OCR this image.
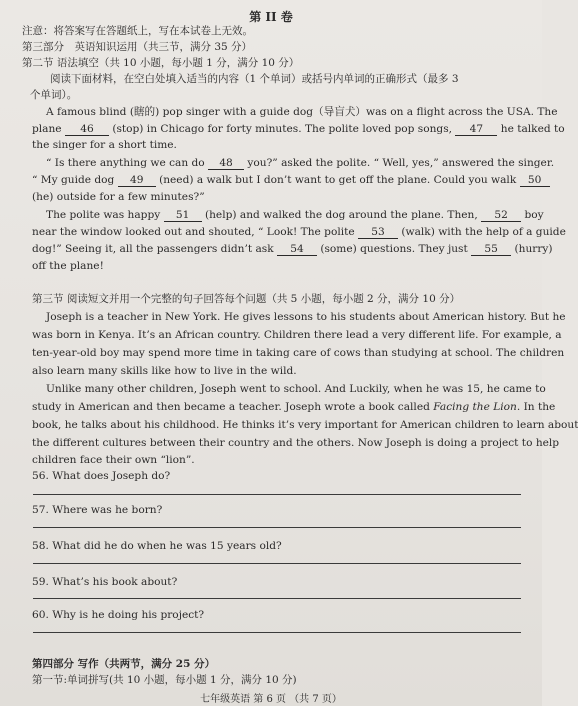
第 II 卷
注意：将答案写在答题纸上，写在本试卷上无效。
第三部分　英语知识运用（共三节，满分 35 分）
第二节 语法填空（共 10 小题，每小题 1 分，满分 10 分）
阅读下面材料，在空白处填入适当的内容（1 个单词）或括号内单词的正确形式（最多 3
个单词）。
A famous blind (瞎的) pop singer with a guide dog（导盲犬）was on a flight across the USA. The
plane 46 (stop) in Chicago for forty minutes. The polite loved pop songs, 47 he talked to
the singer for a short time.
“ Is there anything we can do 48 you?” asked the polite. “ Well, yes,” answered the singer.
“ My guide dog 49 (need) a walk but I don’t want to get off the plane. Could you walk 50
(he) outside for a few minutes?”
The polite was happy 51 (help) and walked the dog around the plane. Then, 52 boy
near the window looked out and shouted, “ Look! The polite 53 (walk) with the help of a guide
dog!” Seeing it, all the passengers didn’t ask 54 (some) questions. They just 55 (hurry)
off the plane!
第三节 阅读短文并用一个完整的句子回答每个问题（共 5 小题，每小题 2 分，满分 10 分）
Joseph is a teacher in New York. He gives lessons to his students about American history. But he
was born in Kenya. It’s an African country. Children there lead a very different life. For example, a
ten-year-old boy may spend more time in taking care of cows than studying at school. The children
also learn many skills like how to live in the wild.
Unlike many other children, Joseph went to school. And Luckily, when he was 15, he came to
study in American and then became a teacher. Joseph wrote a book called Facing the Lion. In the
book, he talks about his childhood. He thinks it’s very important for American children to learn about
the different cultures between their country and the others. Now Joseph is doing a project to help
children face their own “lion”.
56. What does Joseph do?
57. Where was he born?
58. What did he do when he was 15 years old?
59. What’s his book about?
60. Why is he doing his project?
第四部分 写作（共两节，满分 25 分）
第一节:单词拼写(共 10 小题，每小题 1 分，满分 10 分)
七年级英语 第 6 页 （共 7 页）
